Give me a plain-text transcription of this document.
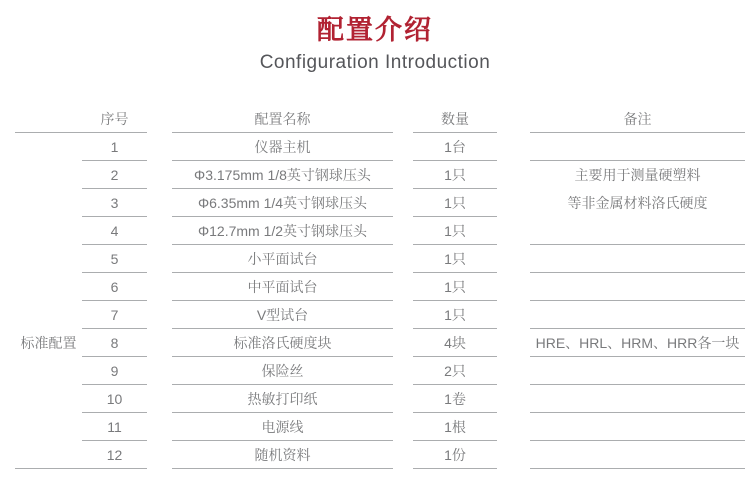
配置介绍
Configuration Introduction
序号	配置名称	数量	备注
1	仪器主机	1台
2	Φ3.175mm 1/8英寸钢球压头	1只	主要用于测量硬塑料
3	Φ6.35mm 1/4英寸钢球压头	1只	等非金属材料洛氏硬度
4	Φ12.7mm 1/2英寸钢球压头	1只
5	小平面试台	1只
6	中平面试台	1只
7	V型试台	1只
标准配置	8	标准洛氏硬度块	4块	HRE、HRL、HRM、HRR各一块
9	保险丝	2只
10	热敏打印纸	1卷
11	电源线	1根
12	随机资料	1份
